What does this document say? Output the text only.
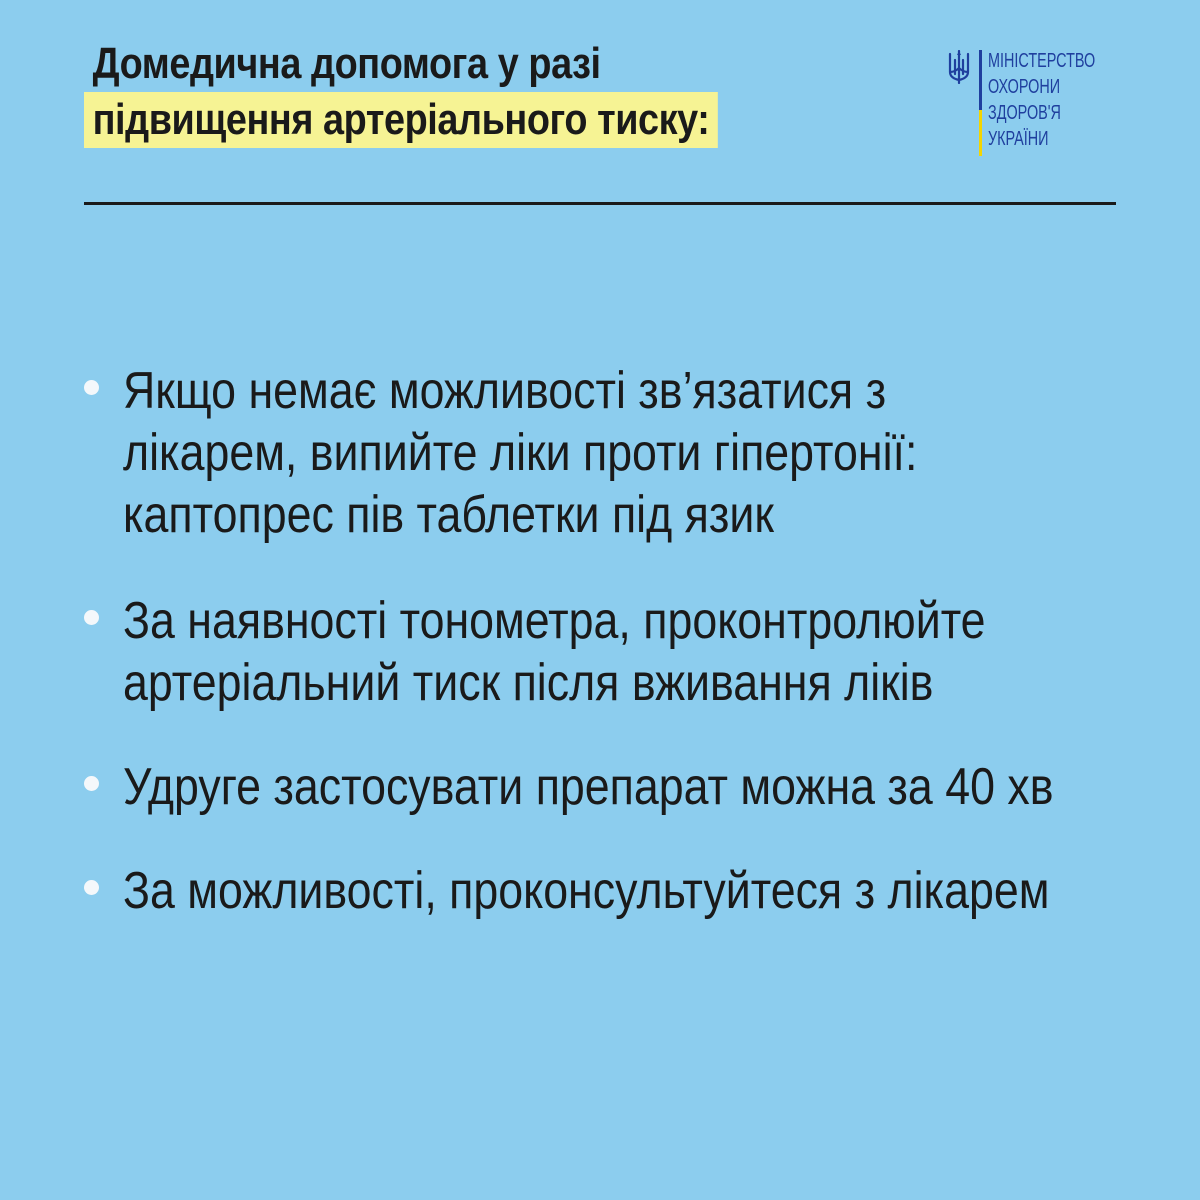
Домедична допомога у разі
підвищення артеріального тиску:
МІНІСТЕРСТВО
ОХОРОНИ
ЗДОРОВ'Я
УКРАЇНИ
Якщо немає можливості зв’язатися з
лікарем, випийте ліки проти гіпертонії:
каптопрес пів таблетки під язик
За наявності тонометра, проконтролюйте
артеріальний тиск після вживання ліків
Удруге застосувати препарат можна за 40 хв
За можливості, проконсультуйтеся з лікарем
